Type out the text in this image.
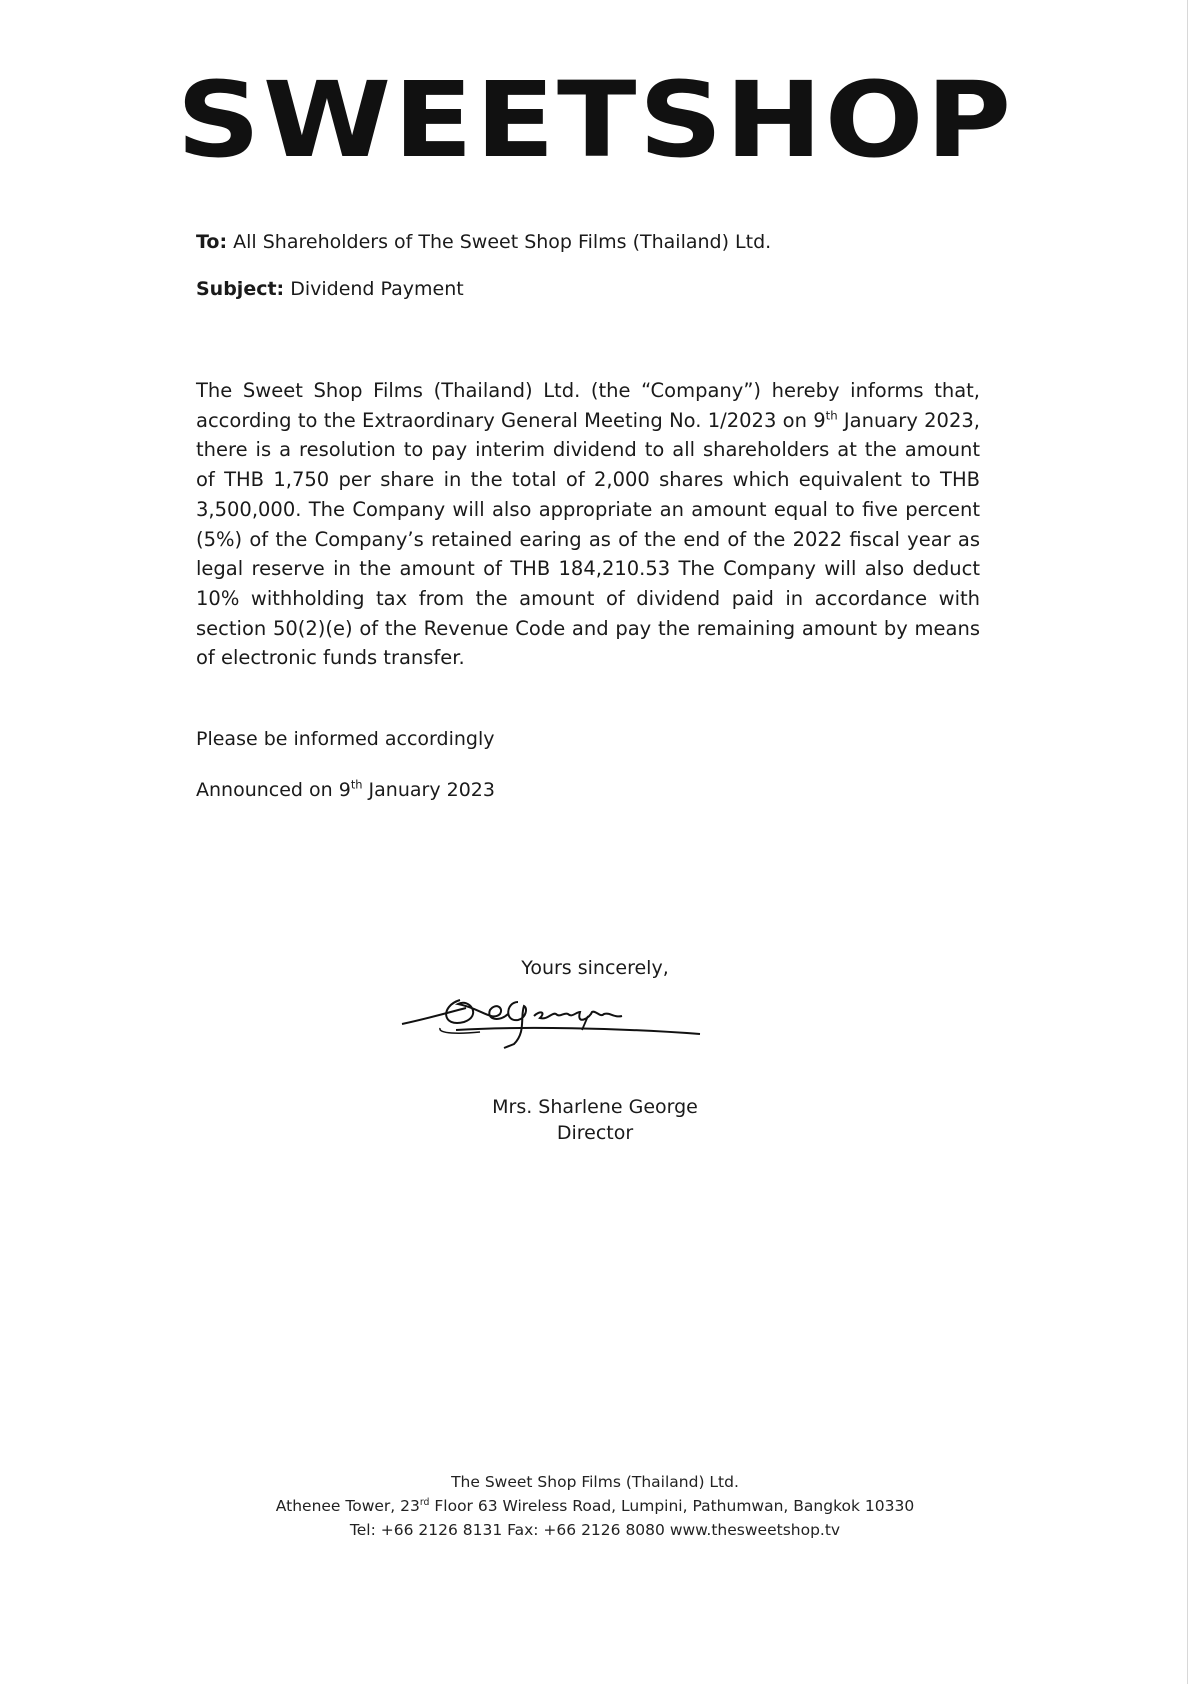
SWEETSHOP
To: All Shareholders of The Sweet Shop Films (Thailand) Ltd.
Subject: Dividend Payment
The Sweet Shop Films (Thailand) Ltd. (the “Company”) hereby informs that, according to the Extraordinary General Meeting No. 1/2023 on 9th January 2023, there is a resolution to pay interim dividend to all shareholders at the amount of THB 1,750 per share in the total of 2,000 shares which equivalent to THB 3,500,000. The Company will also appropriate an amount equal to five percent (5%) of the Company’s retained earing as of the end of the 2022 fiscal year as legal reserve in the amount of THB 184,210.53 The Company will also deduct 10% withholding tax from the amount of dividend paid in accordance with section 50(2)(e) of the Revenue Code and pay the remaining amount by means of electronic funds transfer.
Please be informed accordingly
Announced on 9th January 2023
Yours sincerely,
Mrs. Sharlene George
Director
The Sweet Shop Films (Thailand) Ltd.
Athenee Tower, 23rd Floor 63 Wireless Road, Lumpini, Pathumwan, Bangkok 10330
Tel: +66 2126 8131 Fax: +66 2126 8080 www.thesweetshop.tv
